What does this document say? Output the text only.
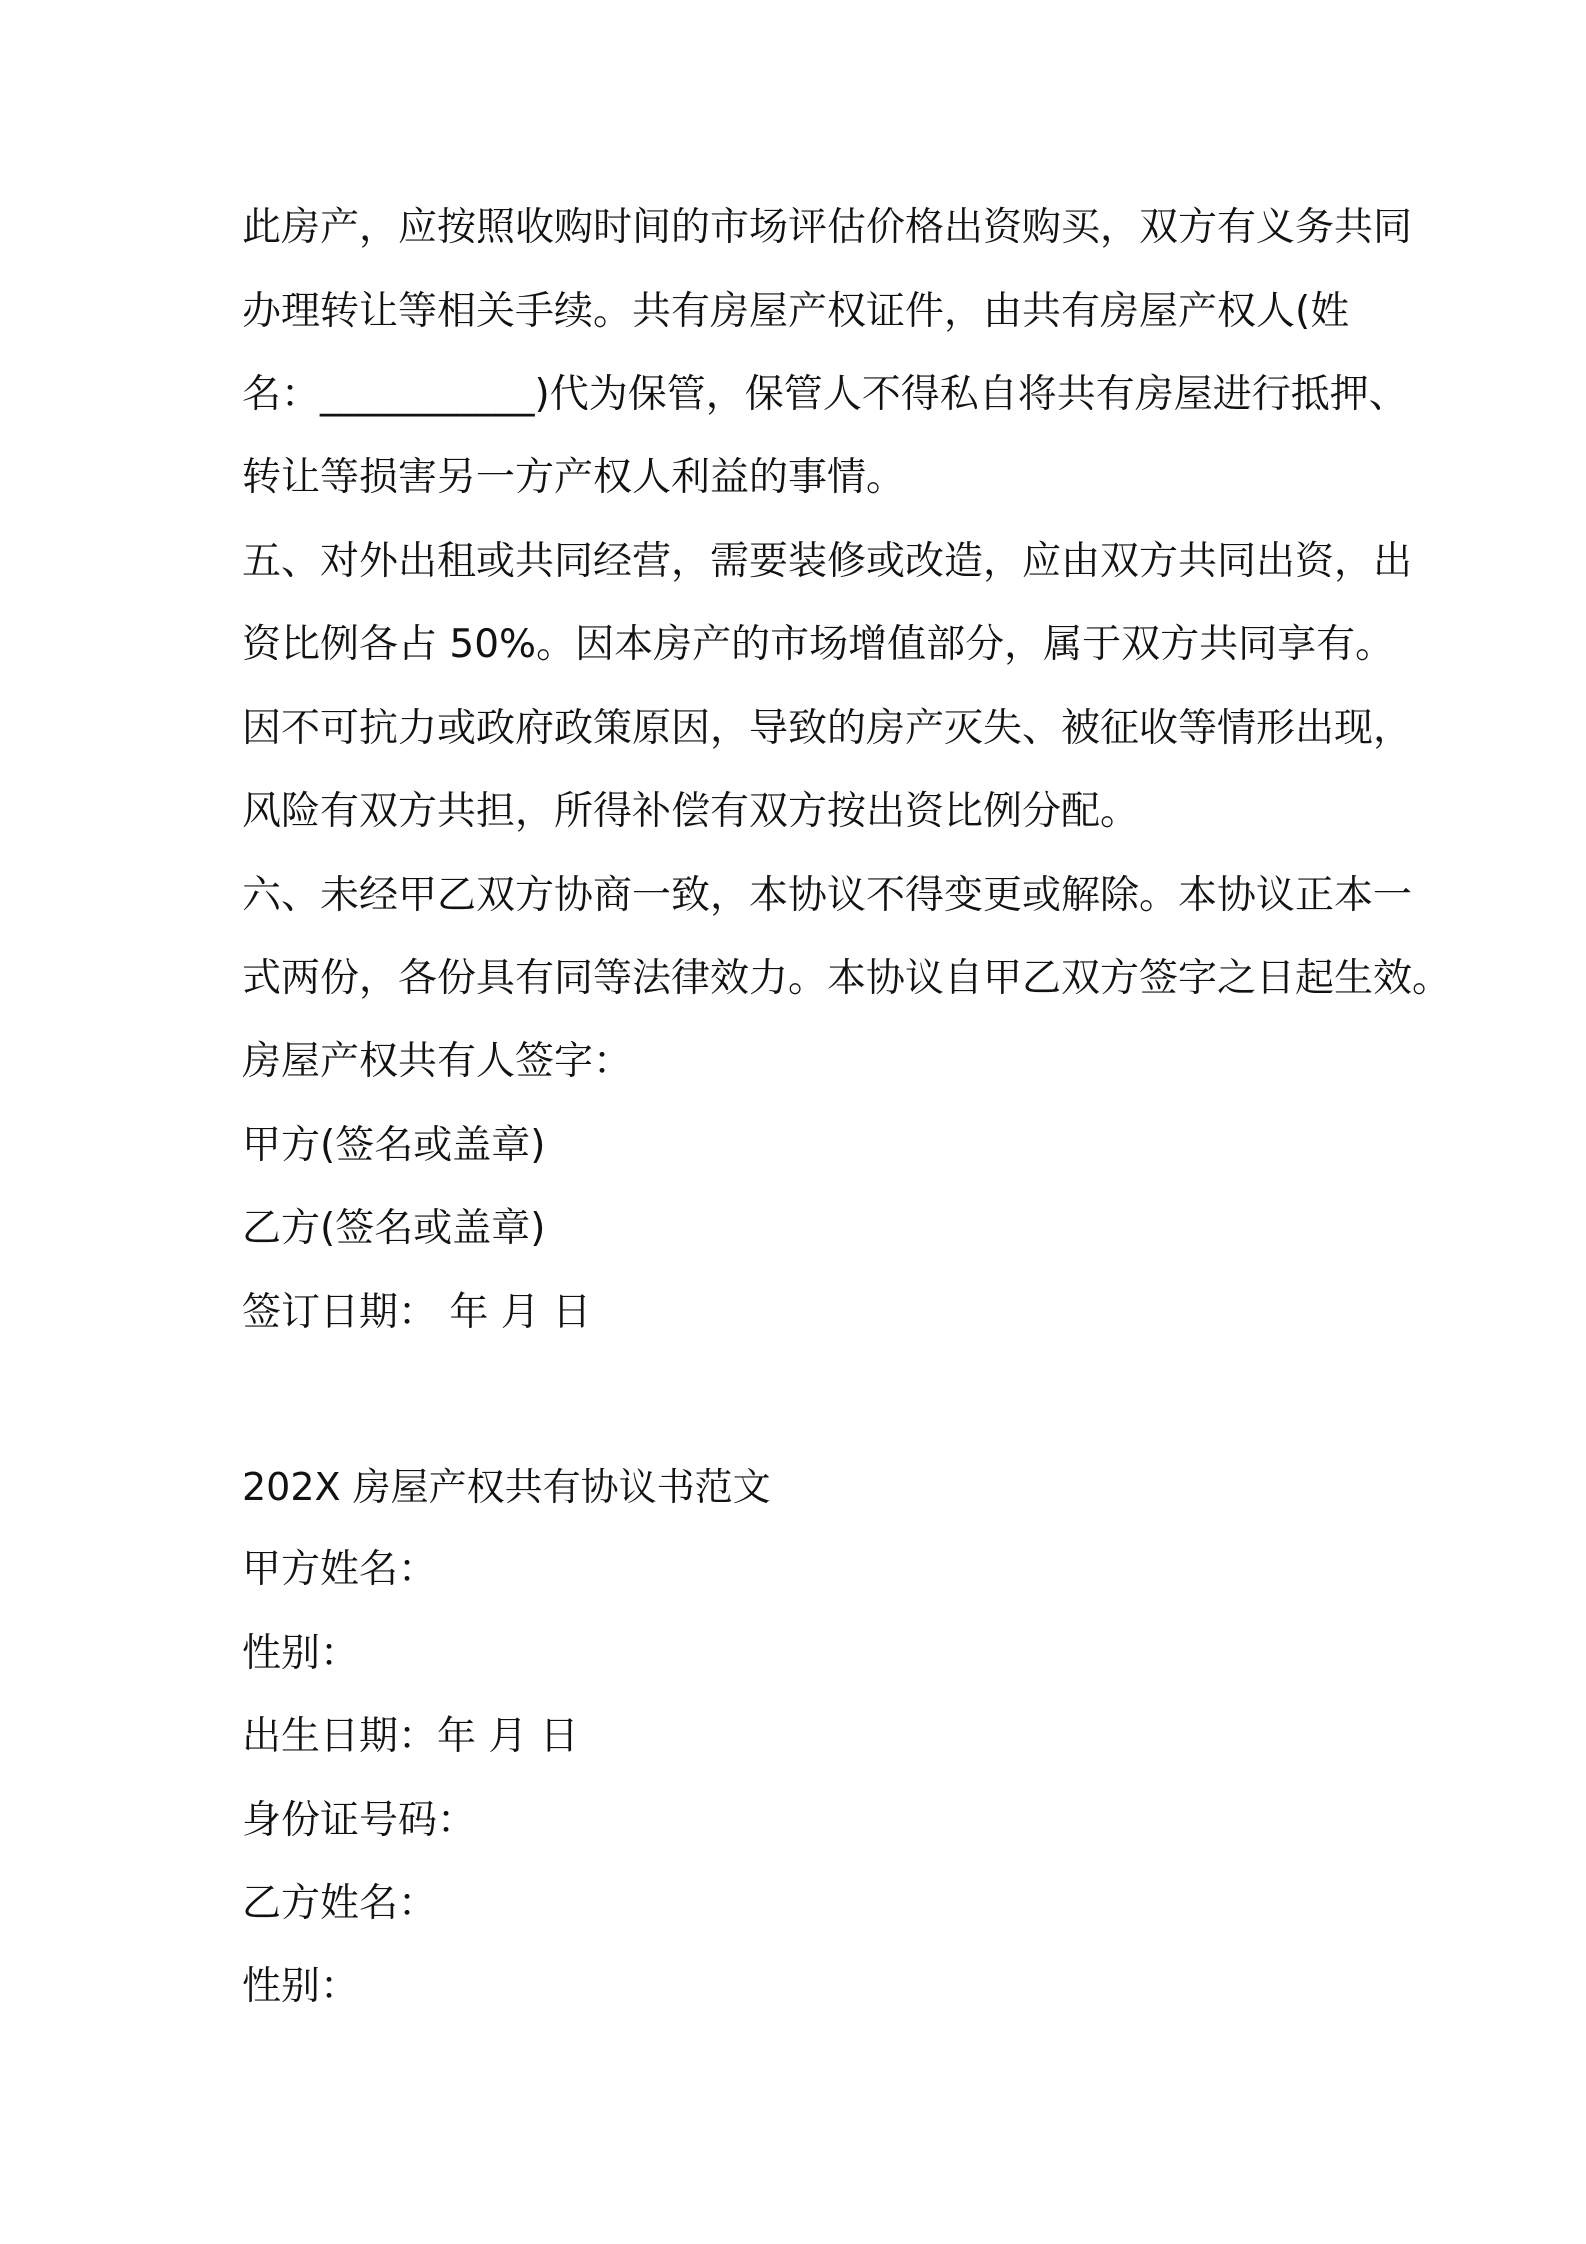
此房产，应按照收购时间的市场评估价格出资购买，双方有义务共同

办理转让等相关手续。共有房屋产权证件，由共有房屋产权人(姓

名：___________)代为保管，保管人不得私自将共有房屋进行抵押、

转让等损害另一方产权人利益的事情。

五、对外出租或共同经营，需要装修或改造，应由双方共同出资，出

资比例各占 50%。因本房产的市场增值部分，属于双方共同享有。

因不可抗力或政府政策原因，导致的房产灭失、被征收等情形出现，

风险有双方共担，所得补偿有双方按出资比例分配。

六、未经甲乙双方协商一致，本协议不得变更或解除。本协议正本一

式两份，各份具有同等法律效力。本协议自甲乙双方签字之日起生效。

房屋产权共有人签字：

甲方(签名或盖章)

乙方(签名或盖章)

签订日期： 年 月 日

202X 房屋产权共有协议书范文

甲方姓名：

性别：

出生日期：年 月 日

身份证号码：

乙方姓名：

性别：
